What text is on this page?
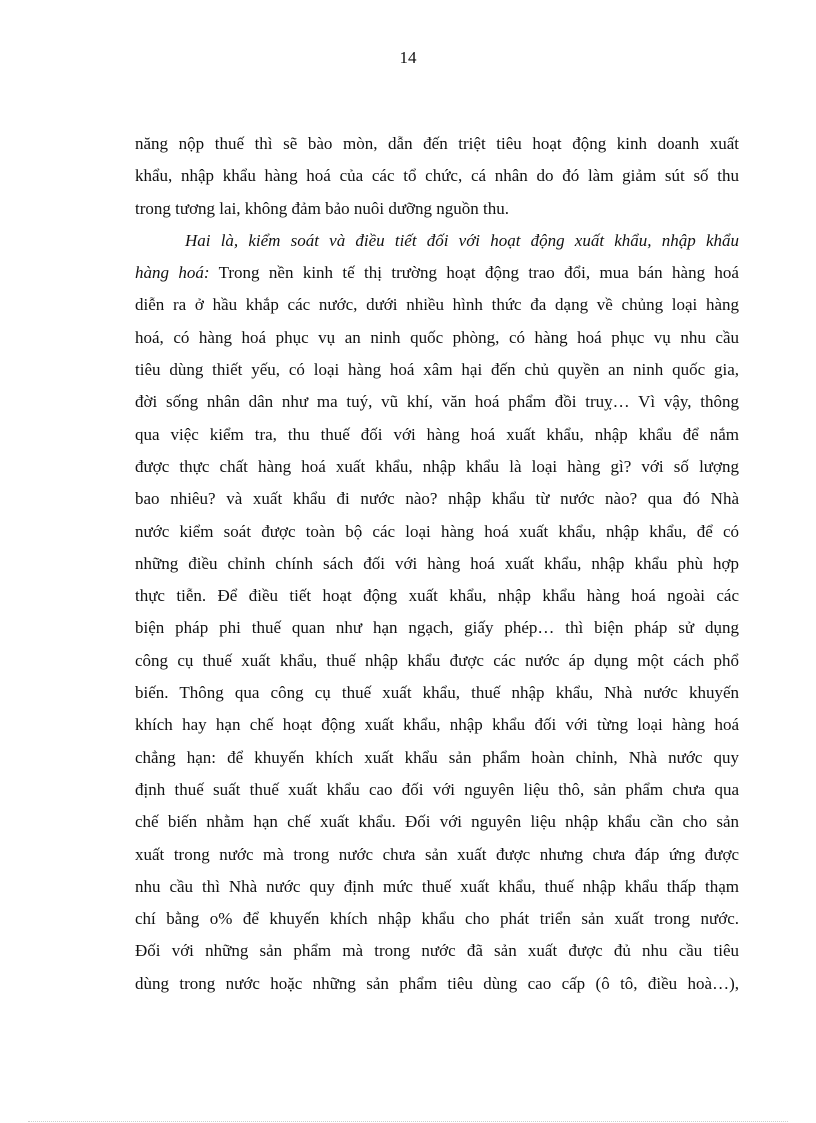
14
năng nộp thuế thì sẽ bào mòn, dẫn đến triệt tiêu hoạt động kinh doanh xuất
khẩu, nhập khẩu hàng hoá của các tổ chức, cá nhân do đó làm giảm sút số thu
trong tương lai, không đảm bảo nuôi dưỡng nguồn thu.
Hai là, kiểm soát và điều tiết đối với hoạt động xuất khẩu, nhập khẩu
hàng hoá: Trong nền kinh tế thị trường hoạt động trao đổi, mua bán hàng hoá
diễn ra ở hầu khắp các nước, dưới nhiều hình thức đa dạng về chủng loại hàng
hoá, có hàng hoá phục vụ an ninh quốc phòng, có hàng hoá phục vụ nhu cầu
tiêu dùng thiết yếu, có loại hàng hoá xâm hại đến chủ quyền an ninh quốc gia,
đời sống nhân dân như ma tuý, vũ khí, văn hoá phẩm đồi truỵ… Vì vậy, thông
qua việc kiểm tra, thu thuế đối với hàng hoá xuất khẩu, nhập khẩu để nắm
được thực chất hàng hoá xuất khẩu, nhập khẩu là loại hàng gì? với số lượng
bao nhiêu? và xuất khẩu đi nước nào? nhập khẩu từ nước nào? qua đó Nhà
nước kiểm soát được toàn bộ các loại hàng hoá xuất khẩu, nhập khẩu, để có
những điều chỉnh chính sách đối với hàng hoá xuất khẩu, nhập khẩu phù hợp
thực tiễn. Để điều tiết hoạt động xuất khẩu, nhập khẩu hàng hoá ngoài các
biện pháp phi thuế quan như hạn ngạch, giấy phép… thì biện pháp sử dụng
công cụ thuế xuất khẩu, thuế nhập khẩu được các nước áp dụng một cách phổ
biến. Thông qua công cụ thuế xuất khẩu, thuế nhập khẩu, Nhà nước khuyến
khích hay hạn chế hoạt động xuất khẩu, nhập khẩu đối với từng loại hàng hoá
chẳng hạn: để khuyến khích xuất khẩu sản phẩm hoàn chỉnh, Nhà nước quy
định thuế suất thuế xuất khẩu cao đối với nguyên liệu thô, sản phẩm chưa qua
chế biến nhằm hạn chế xuất khẩu. Đối với nguyên liệu nhập khẩu cần cho sản
xuất trong nước mà trong nước chưa sản xuất được nhưng chưa đáp ứng được
nhu cầu thì Nhà nước quy định mức thuế xuất khẩu, thuế nhập khẩu thấp thạm
chí bằng o% để khuyến khích nhập khẩu cho phát triển sản xuất trong nước.
Đối với những sản phẩm mà trong nước đã sản xuất được đủ nhu cầu tiêu
dùng trong nước hoặc những sản phẩm tiêu dùng cao cấp (ô tô, điều hoà…),
